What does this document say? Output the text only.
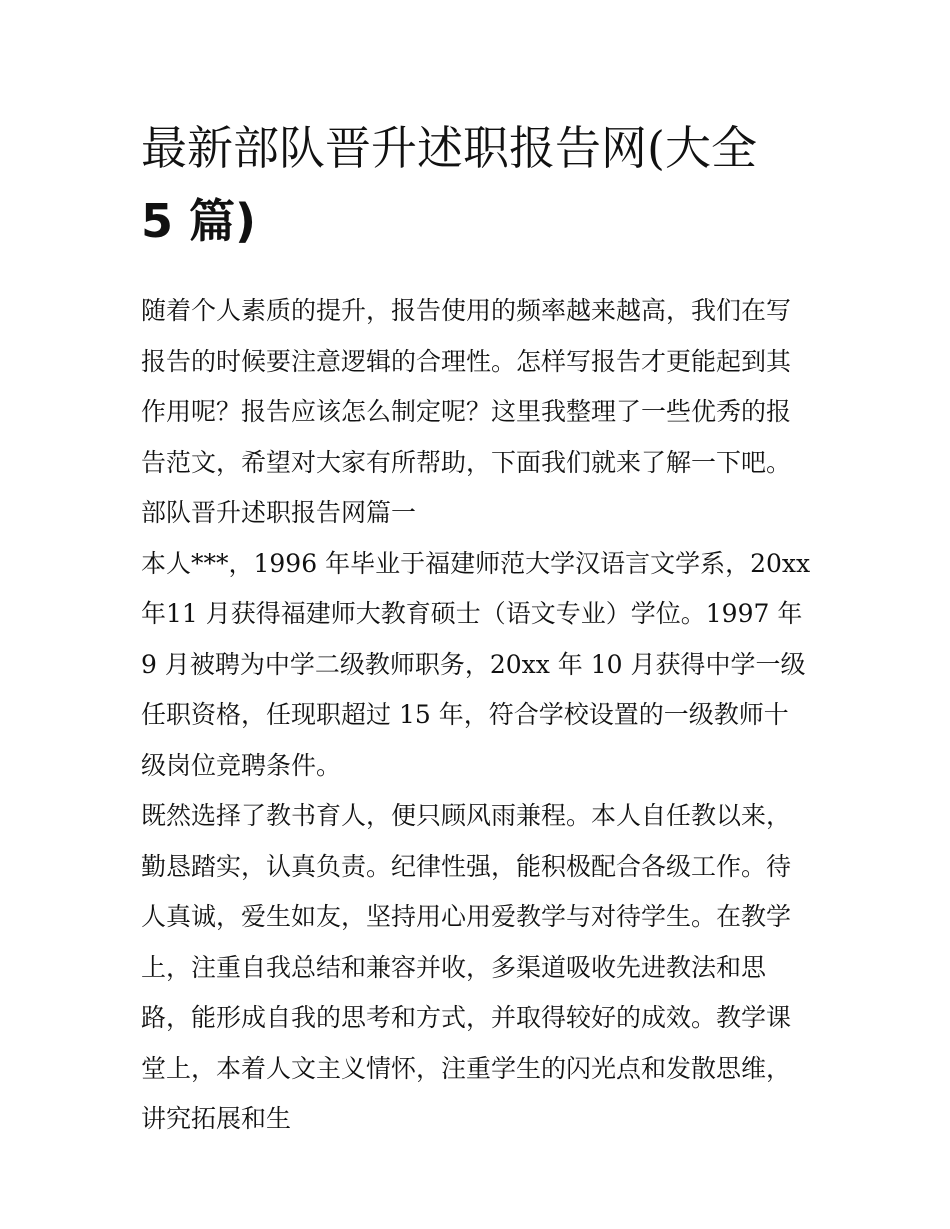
最新部队晋升述职报告网(大全
5 篇)

随着个人素质的提升，报告使用的频率越来越高，我们在写报告的时候要注意逻辑的合理性。怎样写报告才更能起到其作用呢？报告应该怎么制定呢？这里我整理了一些优秀的报告范文，希望对大家有所帮助，下面我们就来了解一下吧。

部队晋升述职报告网篇一

本人***，1996 年毕业于福建师范大学汉语言文学系，20xx 年11 月获得福建师大教育硕士（语文专业）学位。1997 年 9 月被聘为中学二级教师职务，20xx 年 10 月获得中学一级任职资格，任现职超过 15 年，符合学校设置的一级教师十级岗位竞聘条件。

既然选择了教书育人，便只顾风雨兼程。本人自任教以来，勤恳踏实，认真负责。纪律性强，能积极配合各级工作。待人真诚，爱生如友，坚持用心用爱教学与对待学生。在教学上，注重自我总结和兼容并收，多渠道吸收先进教法和思路，能形成自我的思考和方式，并取得较好的成效。教学课堂上，本着人文主义情怀，注重学生的闪光点和发散思维，讲究拓展和生
